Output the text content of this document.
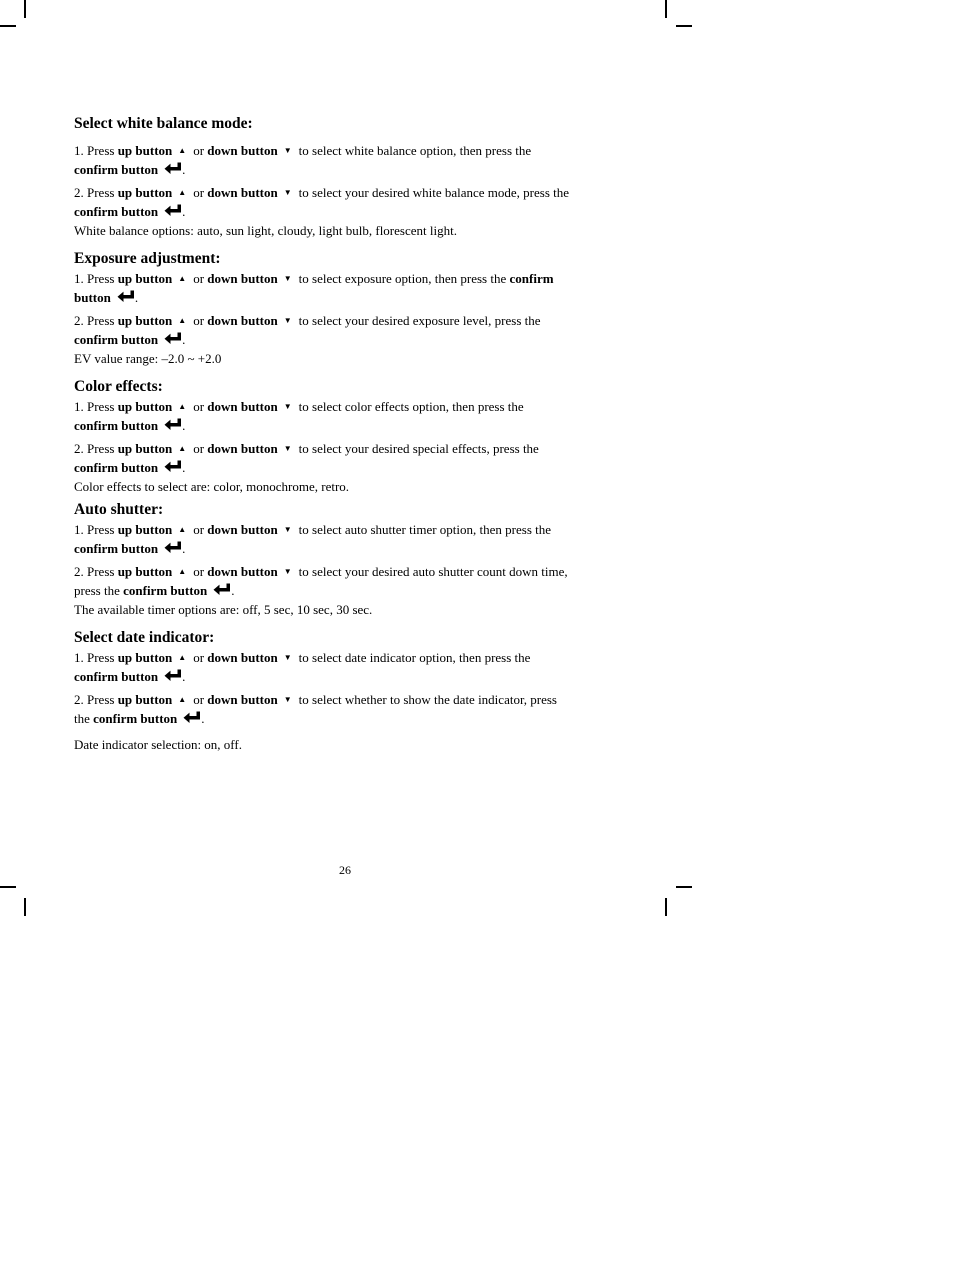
Select white balance mode:
1. Press up button ▲ or down button ▼ to select white balance option, then press the
confirm button .
2. Press up button ▲ or down button ▼ to select your desired white balance mode, press the
confirm button .
White balance options: auto, sun light, cloudy, light bulb, florescent light.
Exposure adjustment:
1. Press up button ▲ or down button ▼ to select exposure option, then press the confirm
button .
2. Press up button ▲ or down button ▼ to select your desired exposure level, press the
confirm button .
EV value range: –2.0 ~ +2.0
Color effects:
1. Press up button ▲ or down button ▼ to select color effects option, then press the
confirm button .
2. Press up button ▲ or down button ▼ to select your desired special effects, press the
confirm button .
Color effects to select are: color, monochrome, retro.
Auto shutter:
1. Press up button ▲ or down button ▼ to select auto shutter timer option, then press the
confirm button .
2. Press up button ▲ or down button ▼ to select your desired auto shutter count down time,
press the confirm button .
The available timer options are: off, 5 sec, 10 sec, 30 sec.
Select date indicator:
1. Press up button ▲ or down button ▼ to select date indicator option, then press the
confirm button .
2. Press up button ▲ or down button ▼ to select whether to show the date indicator, press
the confirm button .
Date indicator selection: on, off.
26
